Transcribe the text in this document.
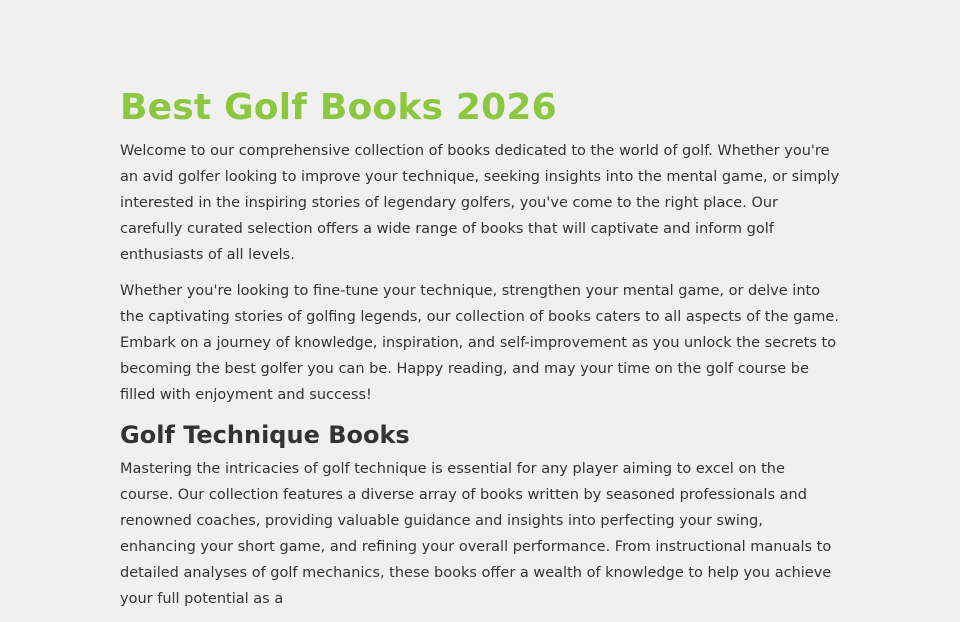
Best Golf Books 2026

Welcome to our comprehensive collection of books dedicated to the world of golf. Whether you're an avid golfer looking to improve your technique, seeking insights into the mental game, or simply interested in the inspiring stories of legendary golfers, you've come to the right place. Our carefully curated selection offers a wide range of books that will captivate and inform golf enthusiasts of all levels.

Whether you're looking to fine-tune your technique, strengthen your mental game, or delve into the captivating stories of golfing legends, our collection of books caters to all aspects of the game. Embark on a journey of knowledge, inspiration, and self-improvement as you unlock the secrets to becoming the best golfer you can be. Happy reading, and may your time on the golf course be filled with enjoyment and success!

Golf Technique Books

Mastering the intricacies of golf technique is essential for any player aiming to excel on the course. Our collection features a diverse array of books written by seasoned professionals and renowned coaches, providing valuable guidance and insights into perfecting your swing, enhancing your short game, and refining your overall performance. From instructional manuals to detailed analyses of golf mechanics, these books offer a wealth of knowledge to help you achieve your full potential as a
